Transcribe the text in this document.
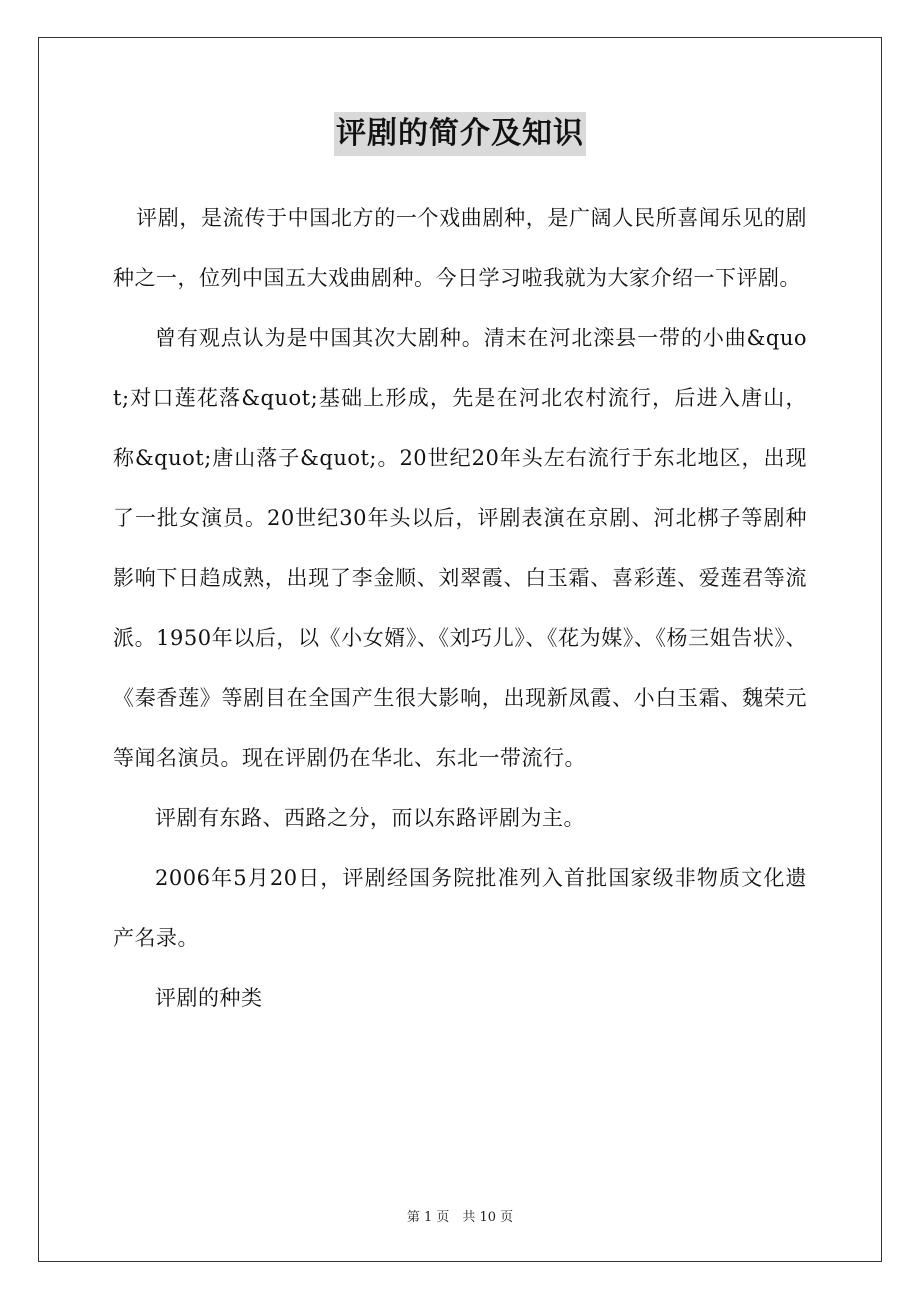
评剧的简介及知识

评剧，是流传于中国北方的一个戏曲剧种，是广阔人民所喜闻乐见的剧种之一，位列中国五大戏曲剧种。今日学习啦我就为大家介绍一下评剧。

曾有观点认为是中国其次大剧种。清末在河北滦县一带的小曲&quot;对口莲花落&quot;基础上形成，先是在河北农村流行，后进入唐山，称&quot;唐山落子&quot;。20世纪20年头左右流行于东北地区，出现了一批女演员。20世纪30年头以后，评剧表演在京剧、河北梆子等剧种影响下日趋成熟，出现了李金顺、刘翠霞、白玉霜、喜彩莲、爱莲君等流派。1950年以后，以《小女婿》、《刘巧儿》、《花为媒》、《杨三姐告状》、《秦香莲》等剧目在全国产生很大影响，出现新凤霞、小白玉霜、魏荣元等闻名演员。现在评剧仍在华北、东北一带流行。

评剧有东路、西路之分，而以东路评剧为主。

2006年5月20日，评剧经国务院批准列入首批国家级非物质文化遗产名录。

评剧的种类

第 1 页　共 10 页
